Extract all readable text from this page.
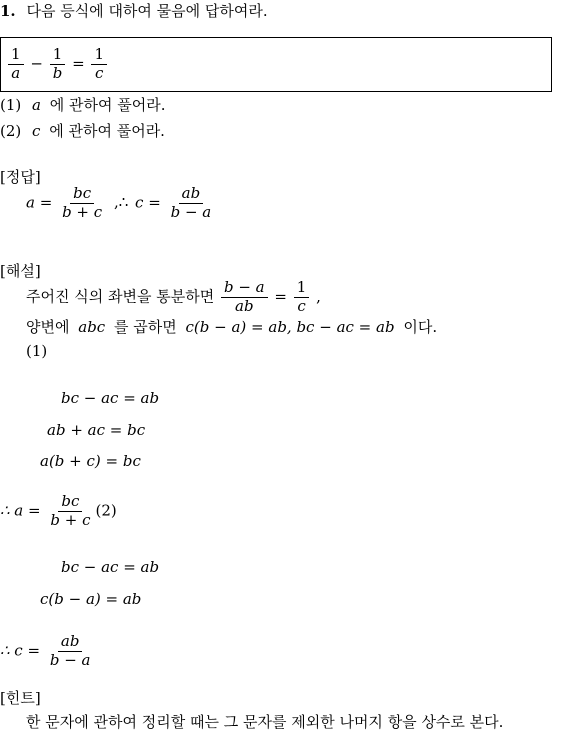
1. 다음 등식에 대하여 물음에 답하여라.
$\frac{1}{a} - \frac{1}{b} = \frac{1}{c}$
(1) a 에 관하여 풀어라.
(2) c 에 관하여 풀어라.
[정답]
$a = \frac{bc}{b + c}$ ,∴ $c = \frac{ab}{b - a}$
[해설]
주어진 식의 좌변을 통분하면 $\frac{b - a}{ab} = \frac{1}{c}$ ,
양변에 abc 를 곱하면 c(b − a) = ab, bc − ac = ab 이다.
(1)
bc − ac = ab
ab + ac = bc
a(b + c) = bc
∴ $a = \frac{bc}{b + c} (2)$
bc − ac = ab
c(b − a) = ab
∴ $c = \frac{ab}{b - a}$
[힌트]
한 문자에 관하여 정리할 때는 그 문자를 제외한 나머지 항을 상수로 본다.
